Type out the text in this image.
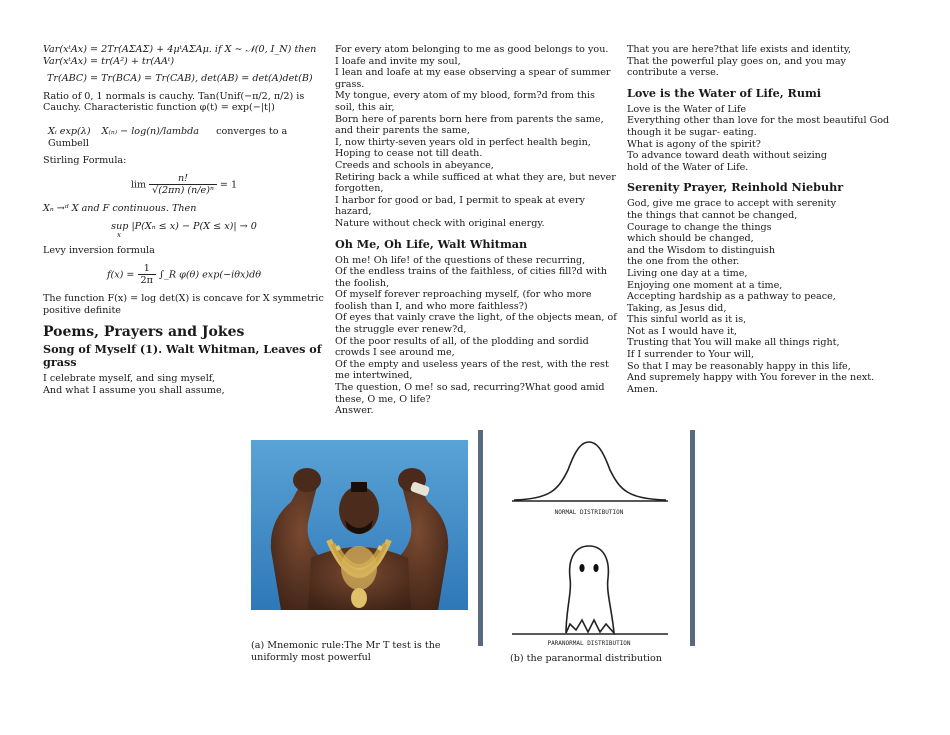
Var(xᵗAx) = 2Tr(AΣAΣ) + 4μᵗAΣAμ. if X ∼ 𝒩(0, I_N) then
Var(xᵗAx) = tr(A²) + tr(AAᵗ)
Tr(ABC) = Tr(BCA) = Tr(CAB), det(AB) = det(A)det(B)
Ratio of 0, 1 normals is cauchy. Tan(Unif(−π/2, π/2) is
Cauchy. Characteristic function φ(t) = exp(−|t|)
Xᵢ exp(λ) X₍ₙ₎ − log(n)/lambda converges to a Gumbell
Stirling Formula:
$\lim \frac{n!}{\text{√(2πn) (n/e)ⁿ}} = 1$
Xₙ →ᵈ X and F continuous. Then
sup |P(Xₙ ≤ x) − P(X ≤ x)| → 0
x
Levy inversion formula
$f(x) = \frac{1}{2\pi}$ ∫_R φ(θ) exp(−iθx)dθ
The function F(x) = log det(X) is concave for X symmetric
positive definite
Poems, Prayers and Jokes
Song of Myself (1). Walt Whitman, Leaves of grass
I celebrate myself, and sing myself,
And what I assume you shall assume,
For every atom belonging to me as good belongs to you.
I loafe and invite my soul,
I lean and loafe at my ease observing a spear of summer grass.
My tongue, every atom of my blood, form?d from this soil, this air,
Born here of parents born here from parents the same, and their parents the same,
I, now thirty-seven years old in perfect health begin,
Hoping to cease not till death.
Creeds and schools in abeyance,
Retiring back a while sufficed at what they are, but never forgotten,
I harbor for good or bad, I permit to speak at every hazard,
Nature without check with original energy.
Oh Me, Oh Life, Walt Whitman
Oh me! Oh life! of the questions of these recurring,
Of the endless trains of the faithless, of cities fill?d with the foolish,
Of myself forever reproaching myself, (for who more foolish than I, and who more faithless?)
Of eyes that vainly crave the light, of the objects mean, of the struggle ever renew?d,
Of the poor results of all, of the plodding and sordid crowds I see around me,
Of the empty and useless years of the rest, with the rest me intertwined,
The question, O me! so sad, recurring?What good amid these, O me, O life?
Answer.
That you are here?that life exists and identity,
That the powerful play goes on, and you may contribute a verse.
Love is the Water of Life, Rumi
Love is the Water of Life
Everything other than love for the most beautiful God though it be sugar- eating.
What is agony of the spirit?
To advance toward death without seizing
hold of the Water of Life.
Serenity Prayer, Reinhold Niebuhr
God, give me grace to accept with serenity
the things that cannot be changed,
Courage to change the things
which should be changed,
and the Wisdom to distinguish
the one from the other.
Living one day at a time,
Enjoying one moment at a time,
Accepting hardship as a pathway to peace,
Taking, as Jesus did,
This sinful world as it is,
Not as I would have it,
Trusting that You will make all things right,
If I surrender to Your will,
So that I may be reasonably happy in this life,
And supremely happy with You forever in the next.
Amen.
NORMAL DISTRIBUTION
PARANORMAL DISTRIBUTION
(a) Mnemonic rule:The Mr T test is the uniformly most powerful	(b) the paranormal distribution
